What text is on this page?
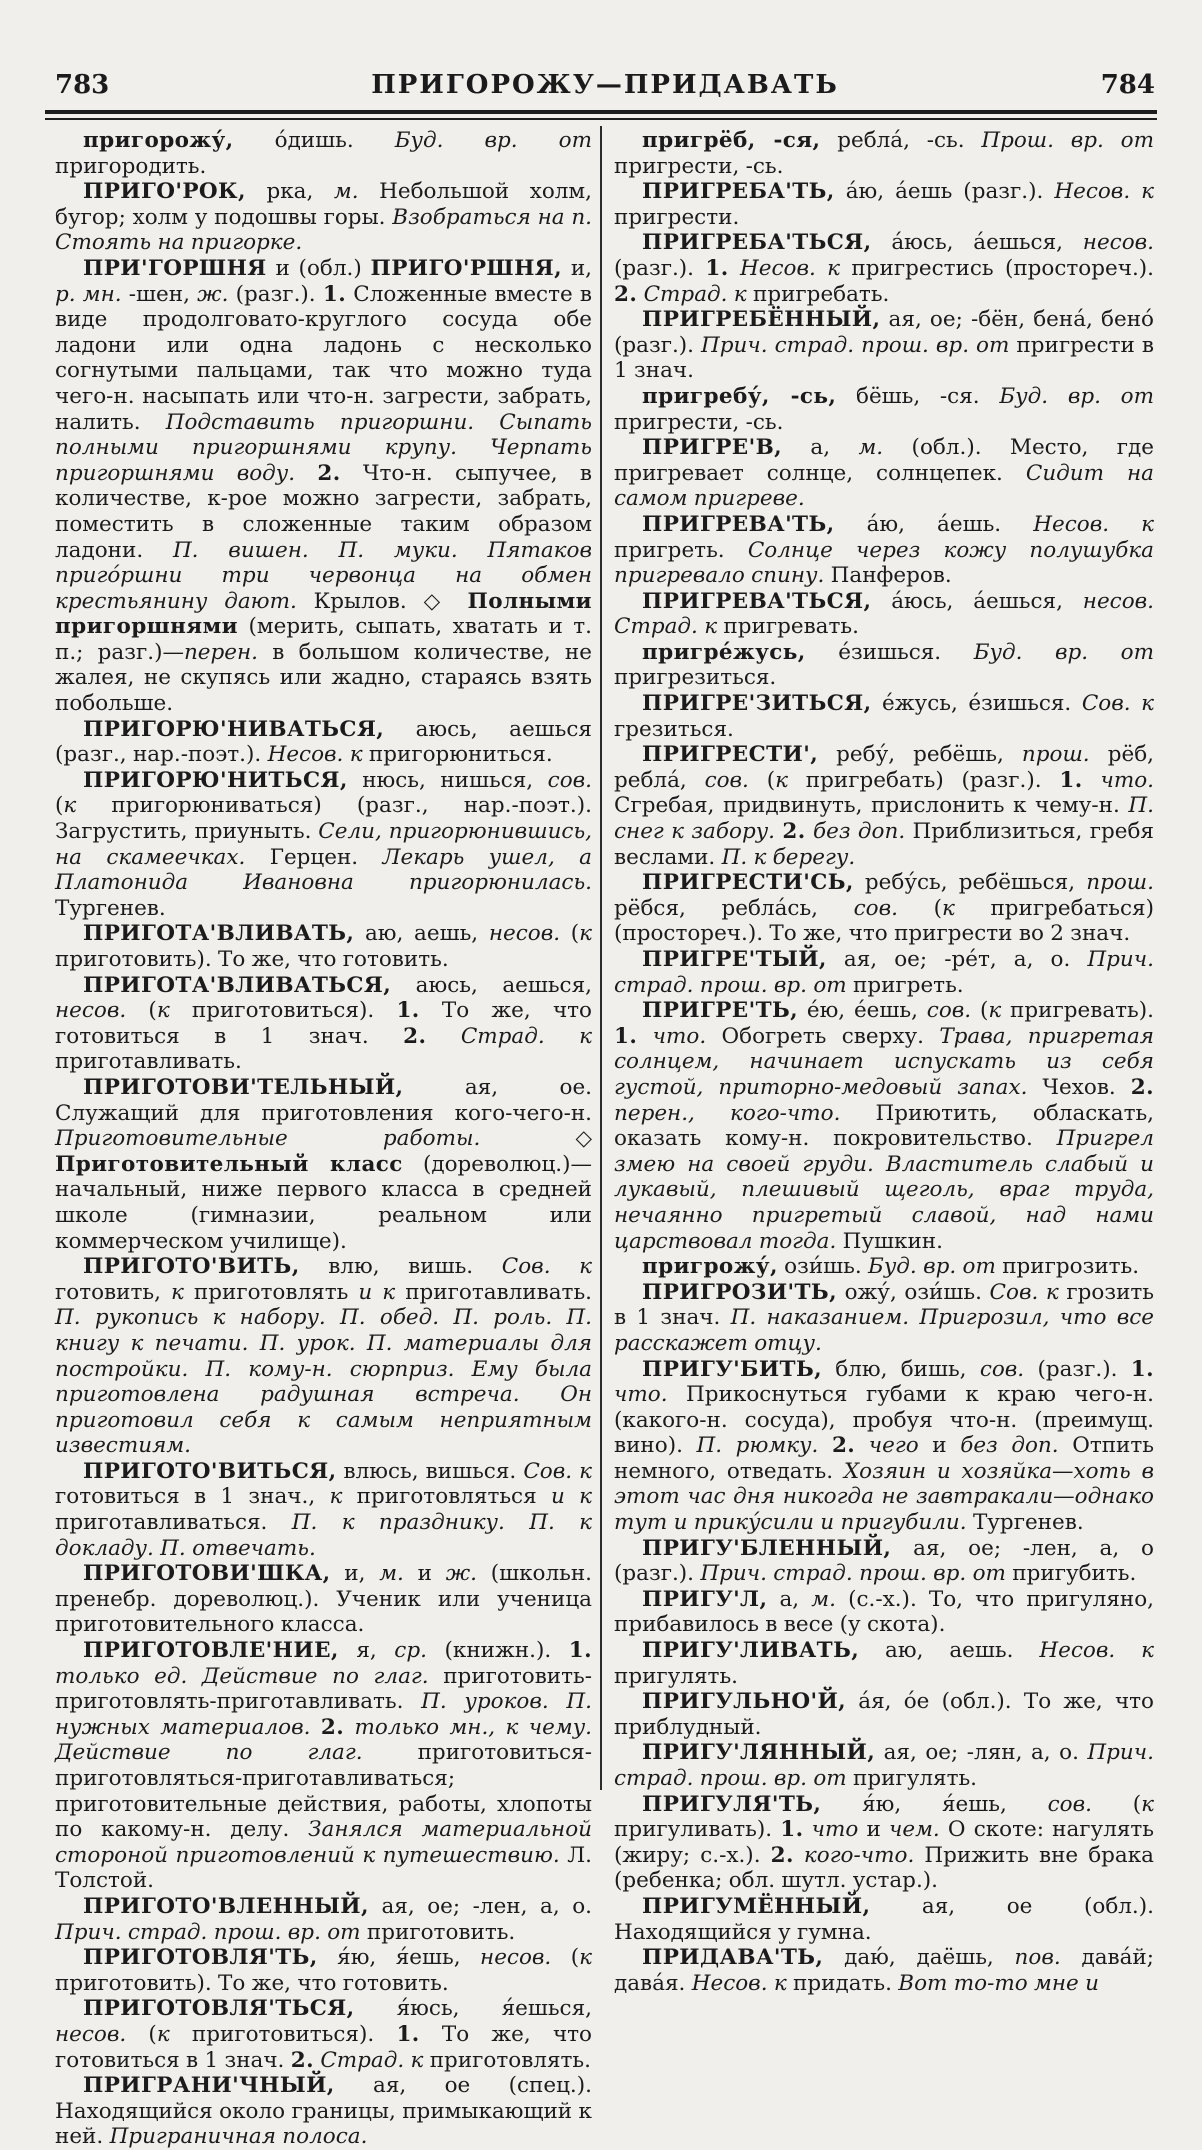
783	ПРИГОРОЖУ—ПРИДАВАТЬ	784

пригорожу́, о́дишь. Буд. вр. от пригородить.

ПРИГО'РОК, рка, м. Небольшой холм, бугор; холм у подошвы горы. Взобраться на п. Стоять на пригорке.

ПРИ'ГОРШНЯ и (обл.) ПРИГО'РШНЯ, и, р. мн. -шен, ж. (разг.). 1. Сложенные вместе в виде продолговато-круглого сосуда обе ладони или одна ладонь с несколько согнутыми пальцами, так что можно туда чего-н. насыпать или что-н. загрести, забрать, налить. Подставить пригоршни. Сыпать полными пригоршнями крупу. Черпать пригоршнями воду. 2. Что-н. сыпучее, в количестве, к-рое можно загрести, забрать, поместить в сложенные таким образом ладони. П. вишен. П. муки. Пятаков приго́ршни три червонца на обмен крестьянину дают. Крылов. ◇ Полными пригоршнями (мерить, сыпать, хватать и т. п.; разг.)—перен. в большом количестве, не жалея, не скупясь или жадно, стараясь взять побольше.

ПРИГОРЮ'НИВАТЬСЯ, аюсь, аешься (разг., нар.-поэт.). Несов. к пригорюниться.

ПРИГОРЮ'НИТЬСЯ, нюсь, нишься, сов. (к пригорюниваться) (разг., нар.-поэт.). Загрустить, приуныть. Сели, пригорюнившись, на скамеечках. Герцен. Лекарь ушел, а Платонида Ивановна пригорюнилась. Тургенев.

ПРИГОТА'ВЛИВАТЬ, аю, аешь, несов. (к приготовить). То же, что готовить.

ПРИГОТА'ВЛИВАТЬСЯ, аюсь, аешься, несов. (к приготовиться). 1. То же, что готовиться в 1 знач. 2. Страд. к приготавливать.

ПРИГОТОВИ'ТЕЛЬНЫЙ, ая, ое. Служащий для приготовления кого-чего-н. Приготовительные работы. ◇ Приготовительный класс (дореволюц.)—начальный, ниже первого класса в средней школе (гимназии, реальном или коммерческом училище).

ПРИГОТО'ВИТЬ, влю, вишь. Сов. к готовить, к приготовлять и к приготавливать. П. рукопись к набору. П. обед. П. роль. П. книгу к печати. П. урок. П. материалы для постройки. П. кому-н. сюрприз. Ему была приготовлена радушная встреча. Он приготовил себя к самым неприятным известиям.

ПРИГОТО'ВИТЬСЯ, влюсь, вишься. Сов. к готовиться в 1 знач., к приготовляться и к приготавливаться. П. к празднику. П. к докладу. П. отвечать.

ПРИГОТОВИ'ШКА, и, м. и ж. (школьн. пренебр. дореволюц.). Ученик или ученица приготовительного класса.

ПРИГОТОВЛЕ'НИЕ, я, ср. (книжн.). 1. только ед. Действие по глаг. приготовить-приготовлять-приготавливать. П. уроков. П. нужных материалов. 2. только мн., к чему. Действие по глаг. приготовиться-приготовляться-приготавливаться; приготовительные действия, работы, хлопоты по какому-н. делу. Занялся материальной стороной приготовлений к путешествию. Л. Толстой.

ПРИГОТО'ВЛЕННЫЙ, ая, ое; -лен, а, о. Прич. страд. прош. вр. от приготовить.

ПРИГОТОВЛЯ'ТЬ, я́ю, я́ешь, несов. (к приготовить). То же, что готовить.

ПРИГОТОВЛЯ'ТЬСЯ, я́юсь, я́ешься, несов. (к приготовиться). 1. То же, что готовиться в 1 знач. 2. Страд. к приготовлять.

ПРИГРАНИ'ЧНЫЙ, ая, ое (спец.). Находящийся около границы, примыкающий к ней. Приграничная полоса.

пригрёб, -ся, ребла́, -сь. Прош. вр. от пригрести, -сь.

ПРИГРЕБА'ТЬ, а́ю, а́ешь (разг.). Несов. к пригрести.

ПРИГРЕБА'ТЬСЯ, а́юсь, а́ешься, несов. (разг.). 1. Несов. к пригрестись (простореч.). 2. Страд. к пригребать.

ПРИГРЕБЁННЫЙ, ая, ое; -бён, бена́, бено́ (разг.). Прич. страд. прош. вр. от пригрести в 1 знач.

пригребу́, -сь, бёшь, -ся. Буд. вр. от пригрести, -сь.

ПРИГРЕ'В, а, м. (обл.). Место, где пригревает солнце, солнцепек. Сидит на самом пригреве.

ПРИГРЕВА'ТЬ, а́ю, а́ешь. Несов. к пригреть. Солнце через кожу полушубка пригревало спину. Панферов.

ПРИГРЕВА'ТЬСЯ, а́юсь, а́ешься, несов. Страд. к пригревать.

пригре́жусь, е́зишься. Буд. вр. от пригрезиться.

ПРИГРЕ'ЗИТЬСЯ, е́жусь, е́зишься. Сов. к грезиться.

ПРИГРЕСТИ', ребу́, ребёшь, прош. рёб, ребла́, сов. (к пригребать) (разг.). 1. что. Сгребая, придвинуть, прислонить к чему-н. П. снег к забору. 2. без доп. Приблизиться, гребя веслами. П. к берегу.

ПРИГРЕСТИ'СЬ, ребу́сь, ребёшься, прош. рёбся, ребла́сь, сов. (к пригребаться) (простореч.). То же, что пригрести во 2 знач.

ПРИГРЕ'ТЫЙ, ая, ое; -ре́т, а, о. Прич. страд. прош. вр. от пригреть.

ПРИГРЕ'ТЬ, е́ю, е́ешь, сов. (к пригревать). 1. что. Обогреть сверху. Трава, пригретая солнцем, начинает испускать из себя густой, приторно-медовый запах. Чехов. 2. перен., кого-что. Приютить, обласкать, оказать кому-н. покровительство. Пригрел змею на своей груди. Властитель слабый и лукавый, плешивый щеголь, враг труда, нечаянно пригретый славой, над нами царствовал тогда. Пушкин.

пригрожу́, ози́шь. Буд. вр. от пригрозить.

ПРИГРОЗИ'ТЬ, ожу́, ози́шь. Сов. к грозить в 1 знач. П. наказанием. Пригрозил, что все расскажет отцу.

ПРИГУ'БИТЬ, блю, бишь, сов. (разг.). 1. что. Прикоснуться губами к краю чего-н. (какого-н. сосуда), пробуя что-н. (преимущ. вино). П. рюмку. 2. чего и без доп. Отпить немного, отведать. Хозяин и хозяйка—хоть в этот час дня никогда не завтракали—однако тут и прику́сили и пригубили. Тургенев.

ПРИГУ'БЛЕННЫЙ, ая, ое; -лен, а, о (разг.). Прич. страд. прош. вр. от пригубить.

ПРИГУ'Л, а, м. (с.-х.). То, что пригуляно, прибавилось в весе (у скота).

ПРИГУ'ЛИВАТЬ, аю, аешь. Несов. к пригулять.

ПРИГУЛЬНО'Й, а́я, о́е (обл.). То же, что приблудный.

ПРИГУ'ЛЯННЫЙ, ая, ое; -лян, а, о. Прич. страд. прош. вр. от пригулять.

ПРИГУЛЯ'ТЬ, я́ю, я́ешь, сов. (к пригуливать). 1. что и чем. О скоте: нагулять (жиру; с.-х.). 2. кого-что. Прижить вне брака (ребенка; обл. шутл. устар.).

ПРИГУМЁННЫЙ, ая, ое (обл.). Находящийся у гумна.

ПРИДАВА'ТЬ, даю́, даёшь, пов. дава́й; дава́я. Несов. к придать. Вот то-то мне и
